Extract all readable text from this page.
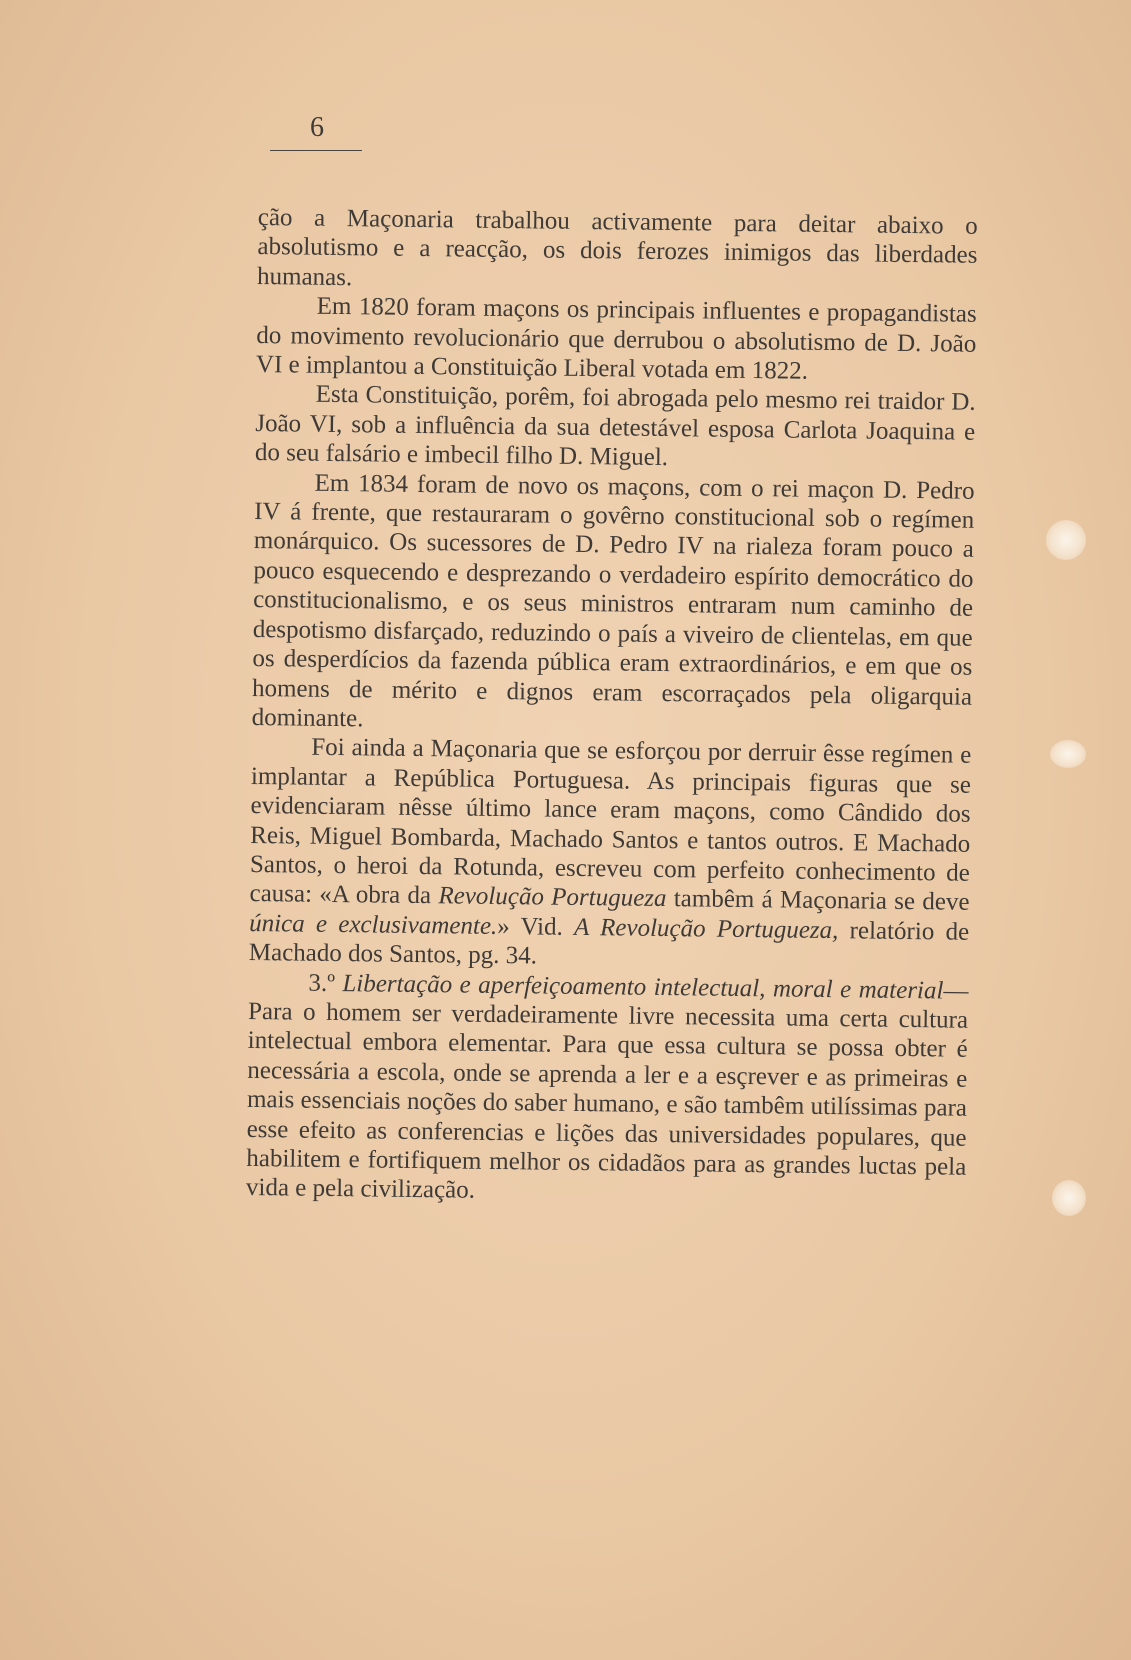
6

ção a Maçonaria trabalhou activamente para deitar abaixo o absolutismo e a reacção, os dois ferozes inimigos das liberdades humanas.

Em 1820 foram maçons os principais influentes e propagandistas do movimento revolucionário que derrubou o absolutismo de D. João VI e implantou a Constituição Liberal votada em 1822.

Esta Constituição, porêm, foi abrogada pelo mesmo rei traidor D. João VI, sob a influência da sua detestável esposa Carlota Joaquina e do seu falsário e imbecil filho D. Miguel.

Em 1834 foram de novo os maçons, com o rei maçon D. Pedro IV á frente, que restauraram o govêrno constitucional sob o regímen monárquico. Os sucessores de D. Pedro IV na rialeza foram pouco a pouco esquecendo e desprezando o verdadeiro espírito democrático do constitucionalismo, e os seus ministros entraram num caminho de despotismo disfarçado, reduzindo o país a viveiro de clientelas, em que os desperdícios da fazenda pública eram extraordinários, e em que os homens de mérito e dignos eram escorraçados pela oligarquia dominante.

Foi ainda a Maçonaria que se esforçou por derruir êsse regímen e implantar a República Portuguesa. As principais figuras que se evidenciaram nêsse último lance eram maçons, como Cândido dos Reis, Miguel Bombarda, Machado Santos e tantos outros. E Machado Santos, o heroi da Rotunda, escreveu com perfeito conhecimento de causa: «A obra da Revolução Portugueza tambêm á Maçonaria se deve única e exclusivamente.» Vid. A Revolução Portugueza, relatório de Machado dos Santos, pg. 34.

3.º Libertação e aperfeiçoamento intelectual, moral e material—Para o homem ser verdadeiramente livre necessita uma certa cultura intelectual embora elementar. Para que essa cultura se possa obter é necessária a escola, onde se aprenda a ler e a esçrever e as primeiras e mais essenciais noções do saber humano, e são tambêm utilíssimas para esse efeito as conferencias e lições das universidades populares, que habilitem e fortifiquem melhor os cidadãos para as grandes luctas pela vida e pela civilização.
